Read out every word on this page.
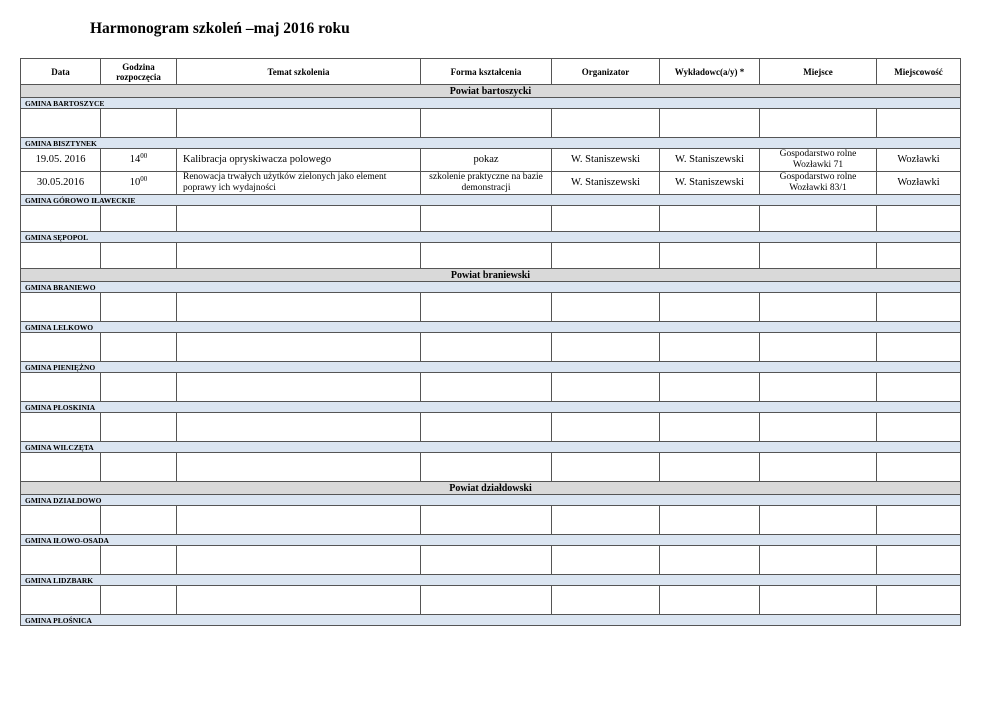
Harmonogram szkoleń –maj 2016 roku
Data	Godzina rozpoczęcia	Temat szkolenia	Forma kształcenia	Organizator	Wykładowc(a/y) *	Miejsce	Miejscowość
Powiat bartoszycki							
GMINA BARTOSZYCE							

GMINA BISZTYNEK							
19.05. 2016	$14^{00}$	Kalibracja opryskiwacza polowego	pokaz	W. Staniszewski	W. Staniszewski	Gospodarstwo rolne Wozławki 71	Wozławki
30.05.2016	$10^{00}$	Renowacja trwałych użytków zielonych jako element poprawy ich wydajności	szkolenie praktyczne na bazie demonstracji	W. Staniszewski	W. Staniszewski	Gospodarstwo rolne Wozławki 83/1	Wozławki
GMINA GÓROWO IŁAWECKIE							

GMINA SĘPOPOL							

Powiat braniewski							
GMINA BRANIEWO							

GMINA LELKOWO							

GMINA PIENIĘŻNO							

GMINA PŁOSKINIA							

GMINA WILCZĘTA							

Powiat działdowski							
GMINA DZIAŁDOWO							

GMINA IŁOWO-OSADA							

GMINA LIDZBARK							

GMINA PŁOŚNICA							
